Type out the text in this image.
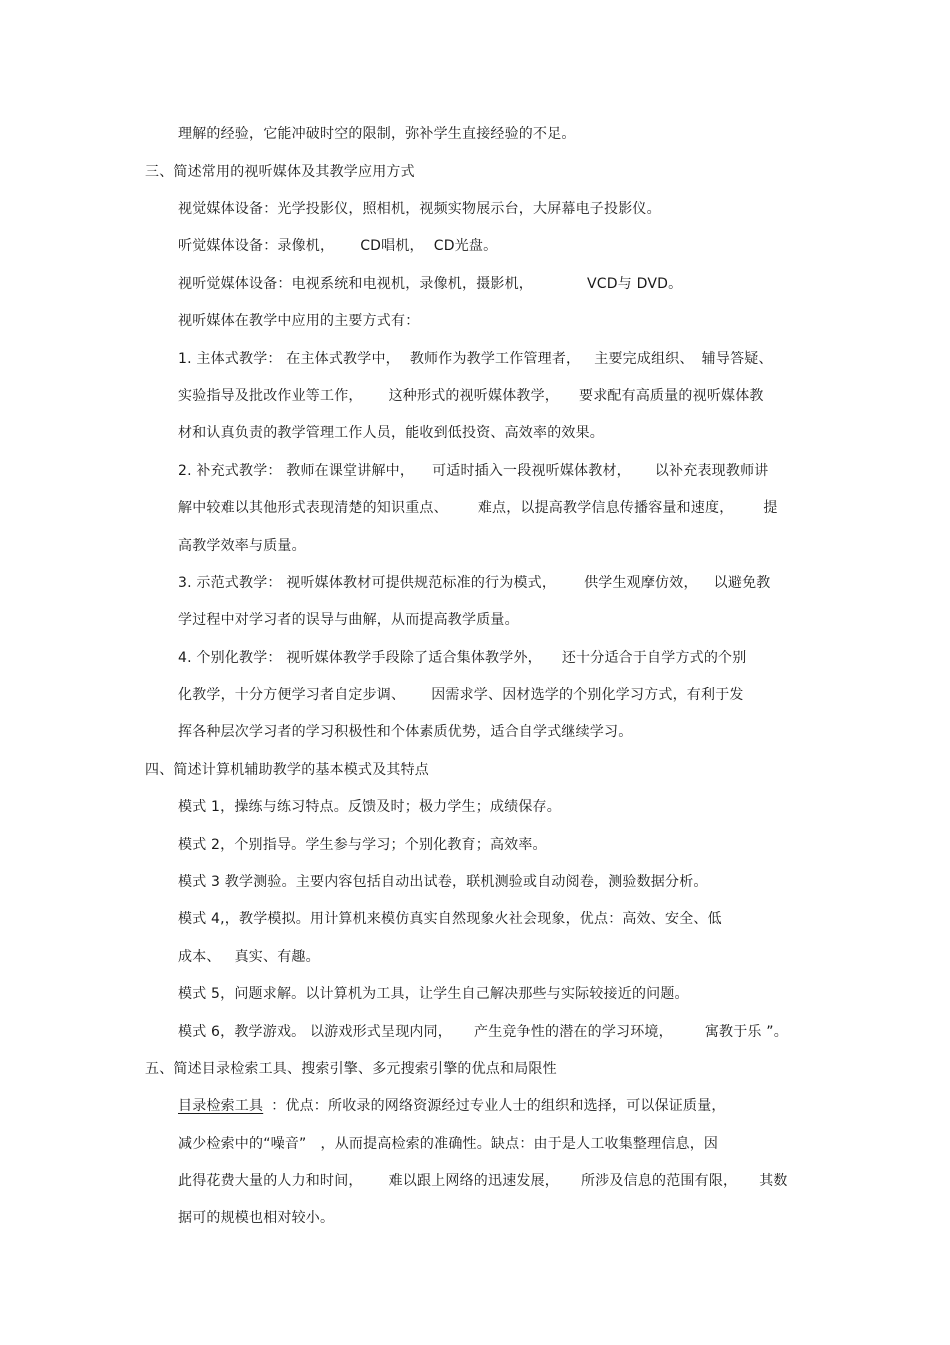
理解的经验，它能冲破时空的限制，弥补学生直接经验的不足。
三、简述常用的视听媒体及其教学应用方式
视觉媒体设备：光学投影仪，照相机，视频实物展示台，大屏幕电子投影仪。
听觉媒体设备：录像机， CD唱机， CD光盘。
视听觉媒体设备：电视系统和电视机，录像机，摄影机，	VCD与 DVD。
视听媒体在教学中应用的主要方式有：
1. 主体式教学： 在主体式教学中， 教师作为教学工作管理者， 主要完成组织、 辅导答疑、
实验指导及批改作业等工作， 这种形式的视听媒体教学， 要求配有高质量的视听媒体教
材和认真负责的教学管理工作人员，能收到低投资、高效率的效果。
2. 补充式教学： 教师在课堂讲解中， 可适时插入一段视听媒体教材， 以补充表现教师讲
解中较难以其他形式表现清楚的知识重点、 难点，以提高教学信息传播容量和速度， 提
高教学效率与质量。
3. 示范式教学： 视听媒体教材可提供规范标准的行为模式， 供学生观摩仿效， 以避免教
学过程中对学习者的误导与曲解，从而提高教学质量。
4. 个别化教学： 视听媒体教学手段除了适合集体教学外， 还十分适合于自学方式的个别
化教学，十分方便学习者自定步调、 因需求学、因材选学的个别化学习方式，有利于发
挥各种层次学习者的学习积极性和个体素质优势，适合自学式继续学习。
四、简述计算机辅助教学的基本模式及其特点
模式 1，操练与练习特点。反馈及时；极力学生；成绩保存。
模式 2，个别指导。学生参与学习；个别化教育；高效率。
模式 3 教学测验。主要内容包括自动出试卷，联机测验或自动阅卷，测验数据分析。
模式 4,，教学模拟。用计算机来模仿真实自然现象火社会现象，优点：高效、安全、低
成本、 真实、有趣。
模式 5，问题求解。以计算机为工具，让学生自己解决那些与实际较接近的问题。
模式 6，教学游戏。 以游戏形式呈现内同， 产生竞争性的潜在的学习环境， 寓教于乐 ”。
五、简述目录检索工具、搜索引擎、多元搜索引擎的优点和局限性
目录检索工具 ：优点：所收录的网络资源经过专业人士的组织和选择，可以保证质量，
减少检索中的“噪音” ，从而提高检索的准确性。缺点：由于是人工收集整理信息，因
此得花费大量的人力和时间， 难以跟上网络的迅速发展， 所涉及信息的范围有限， 其数
据可的规模也相对较小。
